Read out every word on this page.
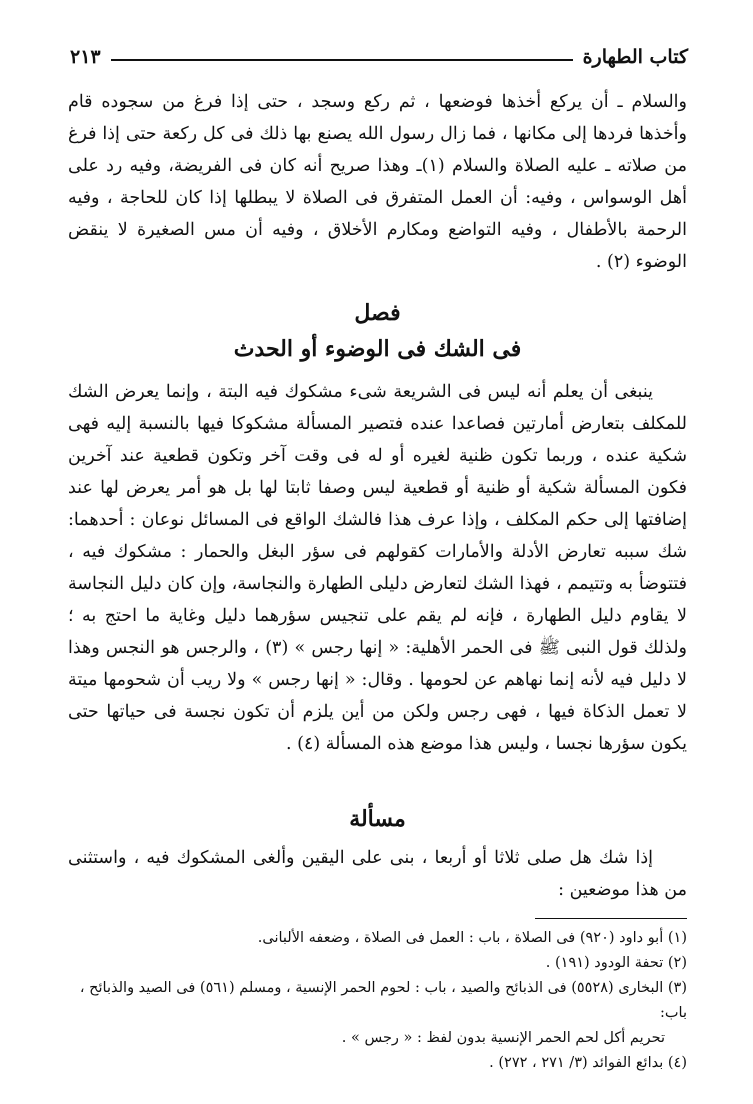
كتاب الطهارة
٢١٣

والسلام ـ أن يركع أخذها فوضعها ، ثم ركع وسجد ، حتى إذا فرغ من سجوده قام وأخذها فردها إلى مكانها ، فما زال رسول الله يصنع بها ذلك فى كل ركعة حتى إذا فرغ من صلاته ـ عليه الصلاة والسلام (١)ـ وهذا صريح أنه كان فى الفريضة، وفيه رد على أهل الوسواس ، وفيه: أن العمل المتفرق فى الصلاة لا يبطلها إذا كان للحاجة ، وفيه الرحمة بالأطفال ، وفيه التواضع ومكارم الأخلاق ، وفيه أن مس الصغيرة لا ينقض الوضوء (٢) .

فصل
فى الشك فى الوضوء أو الحدث

ينبغى أن يعلم أنه ليس فى الشريعة شىء مشكوك فيه البتة ، وإنما يعرض الشك للمكلف بتعارض أمارتين فصاعدا عنده فتصير المسألة مشكوكا فيها بالنسبة إليه فهى شكية عنده ، وربما تكون ظنية لغيره أو له فى وقت آخر وتكون قطعية عند آخرين فكون المسألة شكية أو ظنية أو قطعية ليس وصفا ثابتا لها بل هو أمر يعرض لها عند إضافتها إلى حكم المكلف ، وإذا عرف هذا فالشك الواقع فى المسائل نوعان : أحدهما: شك سببه تعارض الأدلة والأمارات كقولهم فى سؤر البغل والحمار : مشكوك فيه ، فتتوضأ به وتتيمم ، فهذا الشك لتعارض دليلى الطهارة والنجاسة، وإن كان دليل النجاسة لا يقاوم دليل الطهارة ، فإنه لم يقم على تنجيس سؤرهما دليل وغاية ما احتج به ؛ ولذلك قول النبى ﷺ فى الحمر الأهلية: « إنها رجس » (٣) ، والرجس هو النجس وهذا لا دليل فيه لأنه إنما نهاهم عن لحومها . وقال: « إنها رجس » ولا ريب أن شحومها ميتة لا تعمل الذكاة فيها ، فهى رجس ولكن من أين يلزم أن تكون نجسة فى حياتها حتى يكون سؤرها نجسا ، وليس هذا موضع هذه المسألة (٤) .

مسألة

إذا شك هل صلى ثلاثا أو أربعا ، بنى على اليقين وألغى المشكوك فيه ، واستثنى من هذا موضعين :

(١) أبو داود (٩٢٠) فى الصلاة ، باب : العمل فى الصلاة ، وضعفه الألبانى.

(٢) تحفة الودود (١٩١) .

(٣) البخارى (٥٥٢٨) فى الذبائح والصيد ، باب : لحوم الحمر الإنسية ، ومسلم (٥٦١) فى الصيد والذبائح ، باب:

تحريم أكل لحم الحمر الإنسية بدون لفظ : « رجس » .

(٤) بدائع الفوائد (٣/ ٢٧١ ، ٢٧٢) .
